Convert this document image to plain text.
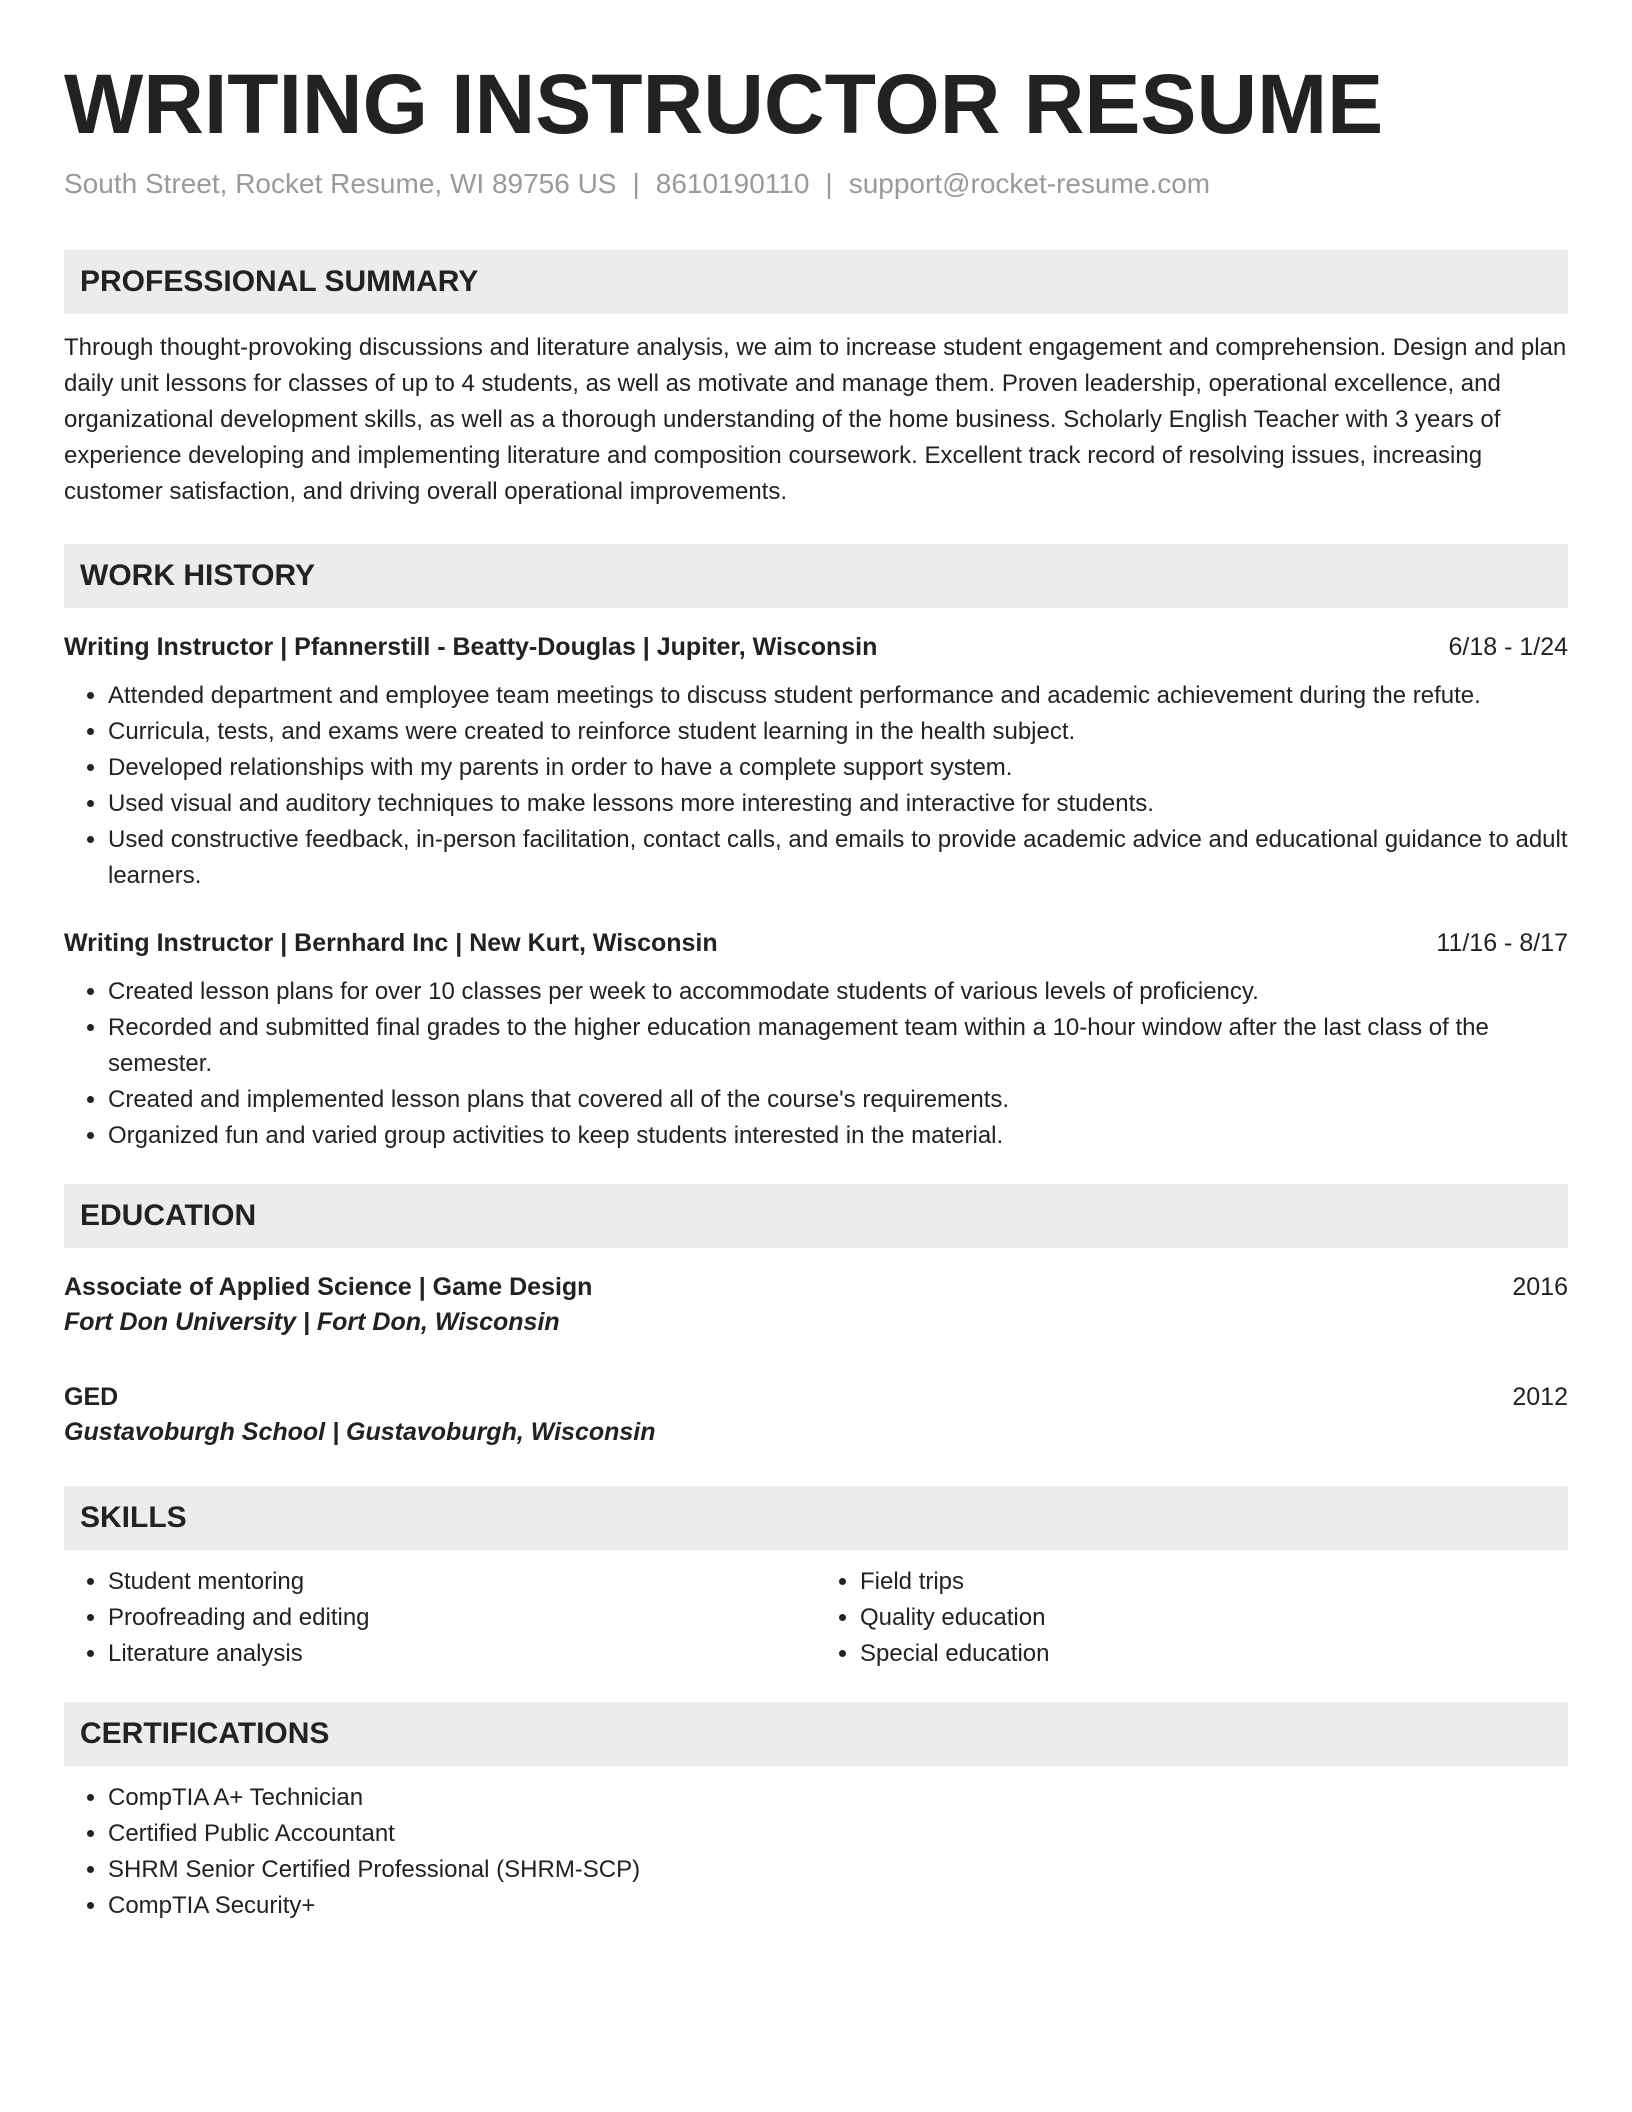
WRITING INSTRUCTOR RESUME
South Street, Rocket Resume, WI 89756 US | 8610190110 | support@rocket-resume.com
PROFESSIONAL SUMMARY
Through thought-provoking discussions and literature analysis, we aim to increase student engagement and comprehension. Design and plan daily unit lessons for classes of up to 4 students, as well as motivate and manage them. Proven leadership, operational excellence, and organizational development skills, as well as a thorough understanding of the home business. Scholarly English Teacher with 3 years of experience developing and implementing literature and composition coursework. Excellent track record of resolving issues, increasing customer satisfaction, and driving overall operational improvements.
WORK HISTORY
Writing Instructor | Pfannerstill - Beatty-Douglas | Jupiter, Wisconsin	6/18 - 1/24
• Attended department and employee team meetings to discuss student performance and academic achievement during the refute.
• Curricula, tests, and exams were created to reinforce student learning in the health subject.
• Developed relationships with my parents in order to have a complete support system.
• Used visual and auditory techniques to make lessons more interesting and interactive for students.
• Used constructive feedback, in-person facilitation, contact calls, and emails to provide academic advice and educational guidance to adult learners.
Writing Instructor | Bernhard Inc | New Kurt, Wisconsin	11/16 - 8/17
• Created lesson plans for over 10 classes per week to accommodate students of various levels of proficiency.
• Recorded and submitted final grades to the higher education management team within a 10-hour window after the last class of the semester.
• Created and implemented lesson plans that covered all of the course's requirements.
• Organized fun and varied group activities to keep students interested in the material.
EDUCATION
Associate of Applied Science | Game Design	2016
Fort Don University | Fort Don, Wisconsin
GED	2012
Gustavoburgh School | Gustavoburgh, Wisconsin
SKILLS
• Student mentoring
• Proofreading and editing
• Literature analysis
• Field trips
• Quality education
• Special education
CERTIFICATIONS
• CompTIA A+ Technician
• Certified Public Accountant
• SHRM Senior Certified Professional (SHRM-SCP)
• CompTIA Security+
